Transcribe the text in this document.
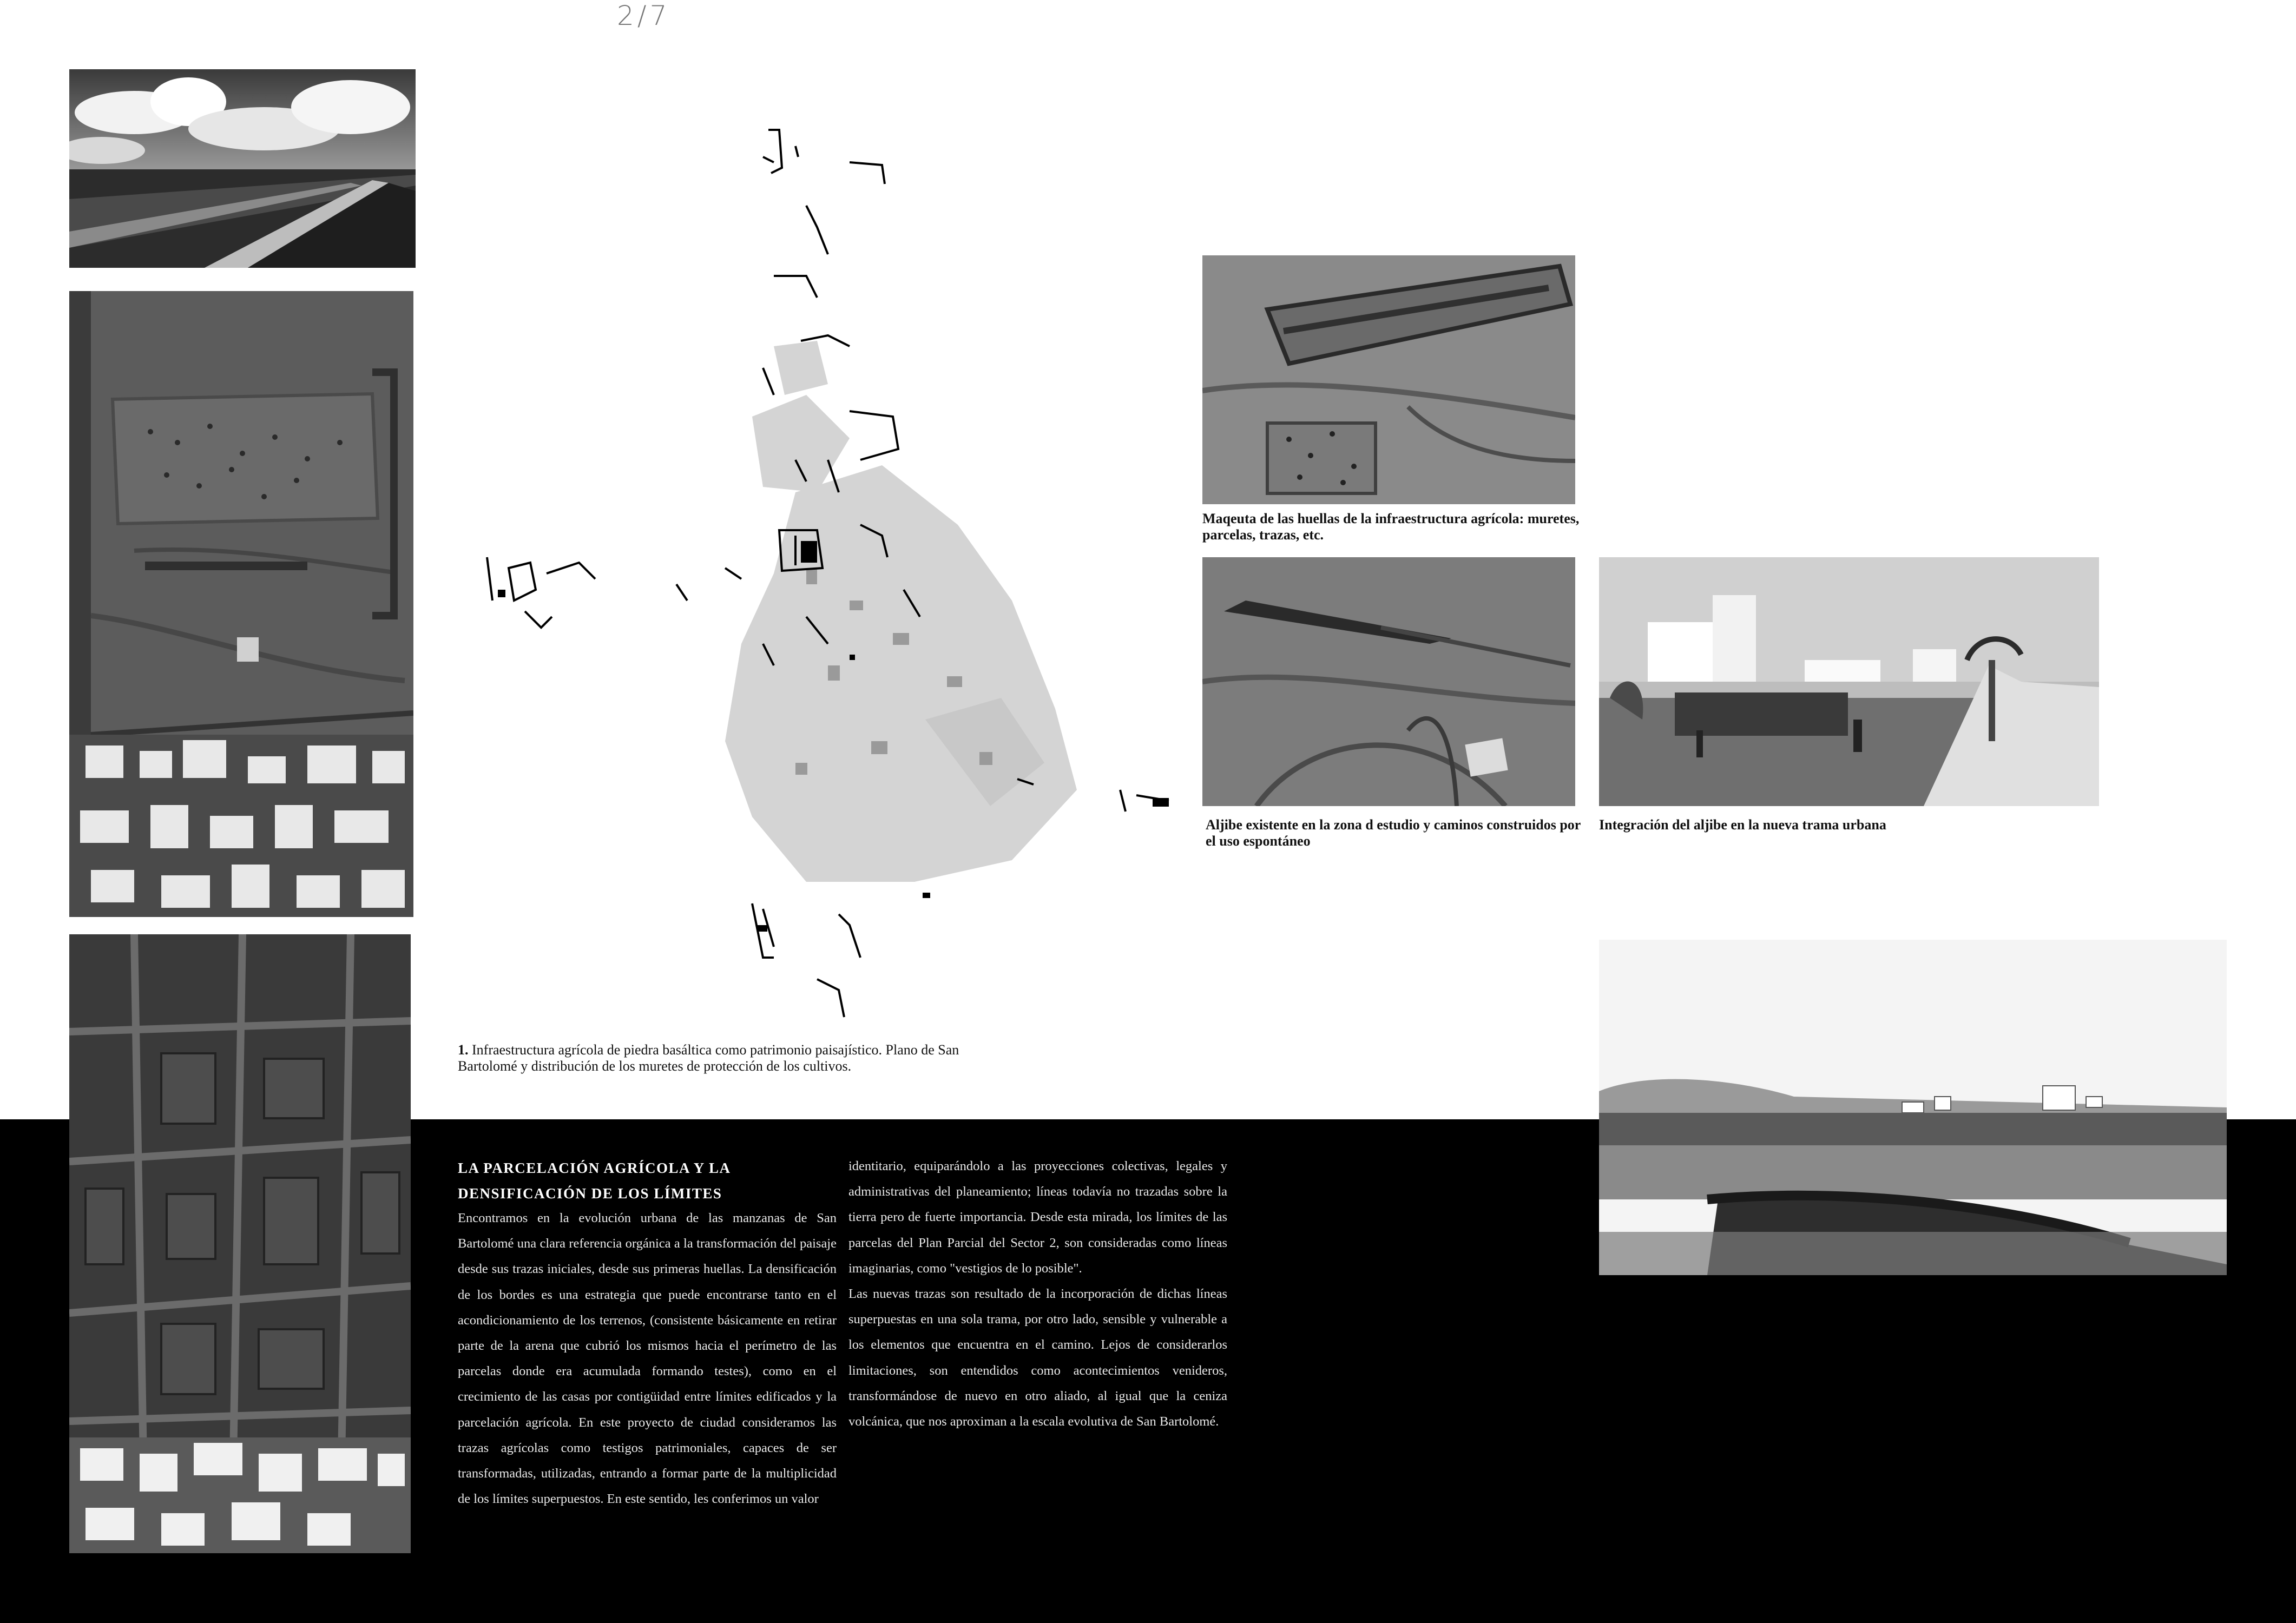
2/7
1. Infraestructura agrícola de piedra basáltica como patrimonio paisajístico. Plano de San Bartolomé y distribución de los muretes de protección de los cultivos.
Maqeuta de las huellas de la infraestructura agrícola: muretes, parcelas, trazas, etc.
Aljibe existente en la zona d estudio y caminos construidos por el uso espontáneo
Integración del aljibe en la nueva trama urbana
LA PARCELACIÓN AGRÍCOLA Y LA DENSIFICACIÓN DE LOS LÍMITES

Encontramos en la evolución urbana de las manzanas de San Bartolomé una clara referencia orgánica a la transformación del paisaje desde sus trazas iniciales, desde sus primeras huellas. La densificación de los bordes es una estrategia que puede encontrarse tanto en el acondicionamiento de los terrenos, (consistente básicamente en retirar parte de la arena que cubrió los mismos hacia el perímetro de las parcelas donde era acumulada formando testes), como en el crecimiento de las casas por contigüidad entre límites edificados y la parcelación agrícola. En este proyecto de ciudad consideramos las trazas agrícolas como testigos patrimoniales, capaces de ser transformadas, utilizadas, entrando a formar parte de la multiplicidad de los límites superpuestos. En este sentido, les conferimos un valor

identitario, equiparándolo a las proyecciones colectivas, legales y administrativas del planeamiento; líneas todavía no trazadas sobre la tierra pero de fuerte importancia. Desde esta mirada, los límites de las parcelas del Plan Parcial del Sector 2, son consideradas como líneas imaginarias, como "vestigios de lo posible".

Las nuevas trazas son resultado de la incorporación de dichas líneas superpuestas en una sola trama, por otro lado, sensible y vulnerable a los elementos que encuentra en el camino. Lejos de considerarlos limitaciones, son entendidos como acontecimientos venideros, transformándose de nuevo en otro aliado, al igual que la ceniza volcánica, que nos aproximan a la escala evolutiva de San Bartolomé.
